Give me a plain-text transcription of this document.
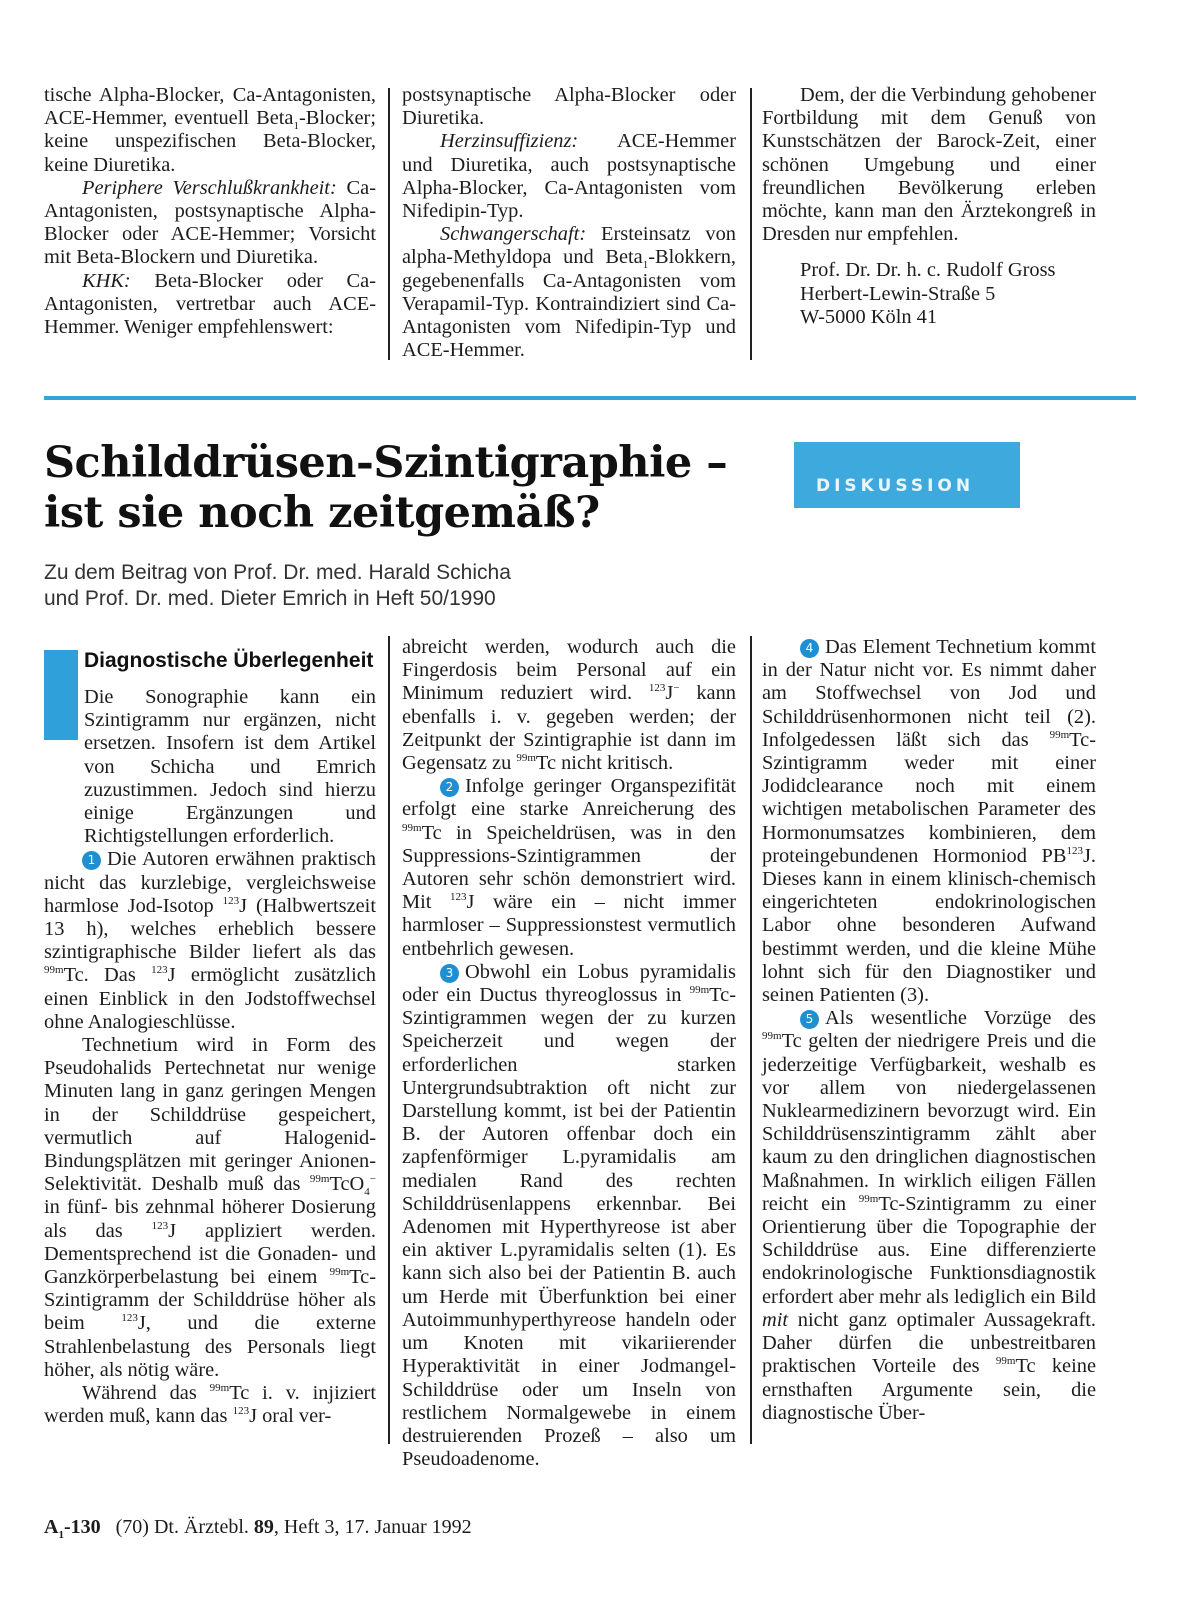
tische Alpha-Blocker, Ca-Antagonisten, ACE-Hemmer, eventuell Beta$_1$-Blocker; keine unspezifischen Beta-Blocker, keine Diuretika.

Periphere Verschlußkrankheit: Ca-Antagonisten, postsynaptische Alpha-Blocker oder ACE-Hemmer; Vorsicht mit Beta-Blockern und Diuretika.

KHK: Beta-Blocker oder Ca-Antagonisten, vertretbar auch ACE-Hemmer. Weniger empfehlenswert:

postsynaptische Alpha-Blocker oder Diuretika.

Herzinsuffizienz: ACE-Hemmer und Diuretika, auch postsynaptische Alpha-Blocker, Ca-Antagonisten vom Nifedipin-Typ.

Schwangerschaft: Ersteinsatz von alpha-Methyldopa und Beta$_1$-Blokkern, gegebenenfalls Ca-Antagonisten vom Verapamil-Typ. Kontraindiziert sind Ca-Antagonisten vom Nifedipin-Typ und ACE-Hemmer.

Dem, der die Verbindung gehobener Fortbildung mit dem Genuß von Kunstschätzen der Barock-Zeit, einer schönen Umgebung und einer freundlichen Bevölkerung erleben möchte, kann man den Ärztekongreß in Dresden nur empfehlen.

Prof. Dr. Dr. h. c. Rudolf Gross
Herbert-Lewin-Straße 5
W-5000 Köln 41
Schilddrüsen-Szintigraphie –
ist sie noch zeitgemäß?
DISKUSSION
Zu dem Beitrag von Prof. Dr. med. Harald Schicha
und Prof. Dr. med. Dieter Emrich in Heft 50/1990
Diagnostische Überlegenheit

Die Sonographie kann ein Szintigramm nur ergänzen, nicht ersetzen. Insofern ist dem Artikel von Schicha und Emrich zuzustimmen. Jedoch sind hierzu einige Ergänzungen und Richtigstellungen erforderlich.

1 Die Autoren erwähnen praktisch nicht das kurzlebige, vergleichsweise harmlose Jod-Isotop $^{123}$J (Halbwertszeit 13 h), welches erheblich bessere szintigraphische Bilder liefert als das $^{99m}$Tc. Das $^{123}$J ermöglicht zusätzlich einen Einblick in den Jodstoffwechsel ohne Analogieschlüsse.

Technetium wird in Form des Pseudohalids Pertechnetat nur wenige Minuten lang in ganz geringen Mengen in der Schilddrüse gespeichert, vermutlich auf Halogenid-Bindungsplätzen mit geringer Anionen-Selektivität. Deshalb muß das $^{99m}$TcO$_4$− in fünf- bis zehnmal höherer Dosierung als das $^{123}$J appliziert werden. Dementsprechend ist die Gonaden- und Ganzkörperbelastung bei einem $^{99m}$Tc-Szintigramm der Schilddrüse höher als beim $^{123}$J, und die externe Strahlenbelastung des Personals liegt höher, als nötig wäre.

Während das $^{99m}$Tc i. v. injiziert werden muß, kann das $^{123}$J oral ver-

abreicht werden, wodurch auch die Fingerdosis beim Personal auf ein Minimum reduziert wird. $^{123}$J− kann ebenfalls i. v. gegeben werden; der Zeitpunkt der Szintigraphie ist dann im Gegensatz zu $^{99m}$Tc nicht kritisch.

2 Infolge geringer Organspezifität erfolgt eine starke Anreicherung des $^{99m}$Tc in Speicheldrüsen, was in den Suppressions-Szintigrammen der Autoren sehr schön demonstriert wird. Mit $^{123}$J wäre ein – nicht immer harmloser – Suppressionstest vermutlich entbehrlich gewesen.

3 Obwohl ein Lobus pyramidalis oder ein Ductus thyreoglossus in $^{99m}$Tc-Szintigrammen wegen der zu kurzen Speicherzeit und wegen der erforderlichen starken Untergrundsubtraktion oft nicht zur Darstellung kommt, ist bei der Patientin B. der Autoren offenbar doch ein zapfenförmiger L.pyramidalis am medialen Rand des rechten Schilddrüsenlappens erkennbar. Bei Adenomen mit Hyperthyreose ist aber ein aktiver L.pyramidalis selten (1). Es kann sich also bei der Patientin B. auch um Herde mit Überfunktion bei einer Autoimmunhyperthyreose handeln oder um Knoten mit vikariierender Hyperaktivität in einer Jodmangel-Schilddrüse oder um Inseln von restlichem Normalgewebe in einem destruierenden Prozeß – also um Pseudoadenome.

4 Das Element Technetium kommt in der Natur nicht vor. Es nimmt daher am Stoffwechsel von Jod und Schilddrüsenhormonen nicht teil (2). Infolgedessen läßt sich das $^{99m}$Tc-Szintigramm weder mit einer Jodidclearance noch mit einem wichtigen metabolischen Parameter des Hormonumsatzes kombinieren, dem proteingebundenen Hormoniod PB$^{123}$J. Dieses kann in einem klinisch-chemisch eingerichteten endokrinologischen Labor ohne besonderen Aufwand bestimmt werden, und die kleine Mühe lohnt sich für den Diagnostiker und seinen Patienten (3).

5 Als wesentliche Vorzüge des $^{99m}$Tc gelten der niedrigere Preis und die jederzeitige Verfügbarkeit, weshalb es vor allem von niedergelassenen Nuklearmedizinern bevorzugt wird. Ein Schilddrüsenszintigramm zählt aber kaum zu den dringlichen diagnostischen Maßnahmen. In wirklich eiligen Fällen reicht ein $^{99m}$Tc-Szintigramm zu einer Orientierung über die Topographie der Schilddrüse aus. Eine differenzierte endokrinologische Funktionsdiagnostik erfordert aber mehr als lediglich ein Bild mit nicht ganz optimaler Aussagekraft. Daher dürfen die unbestreitbaren praktischen Vorteile des $^{99m}$Tc keine ernsthaften Argumente sein, die diagnostische Über-

$A_1-130$ (70) Dt. Ärztebl. 89, Heft 3, 17. Januar 1992
